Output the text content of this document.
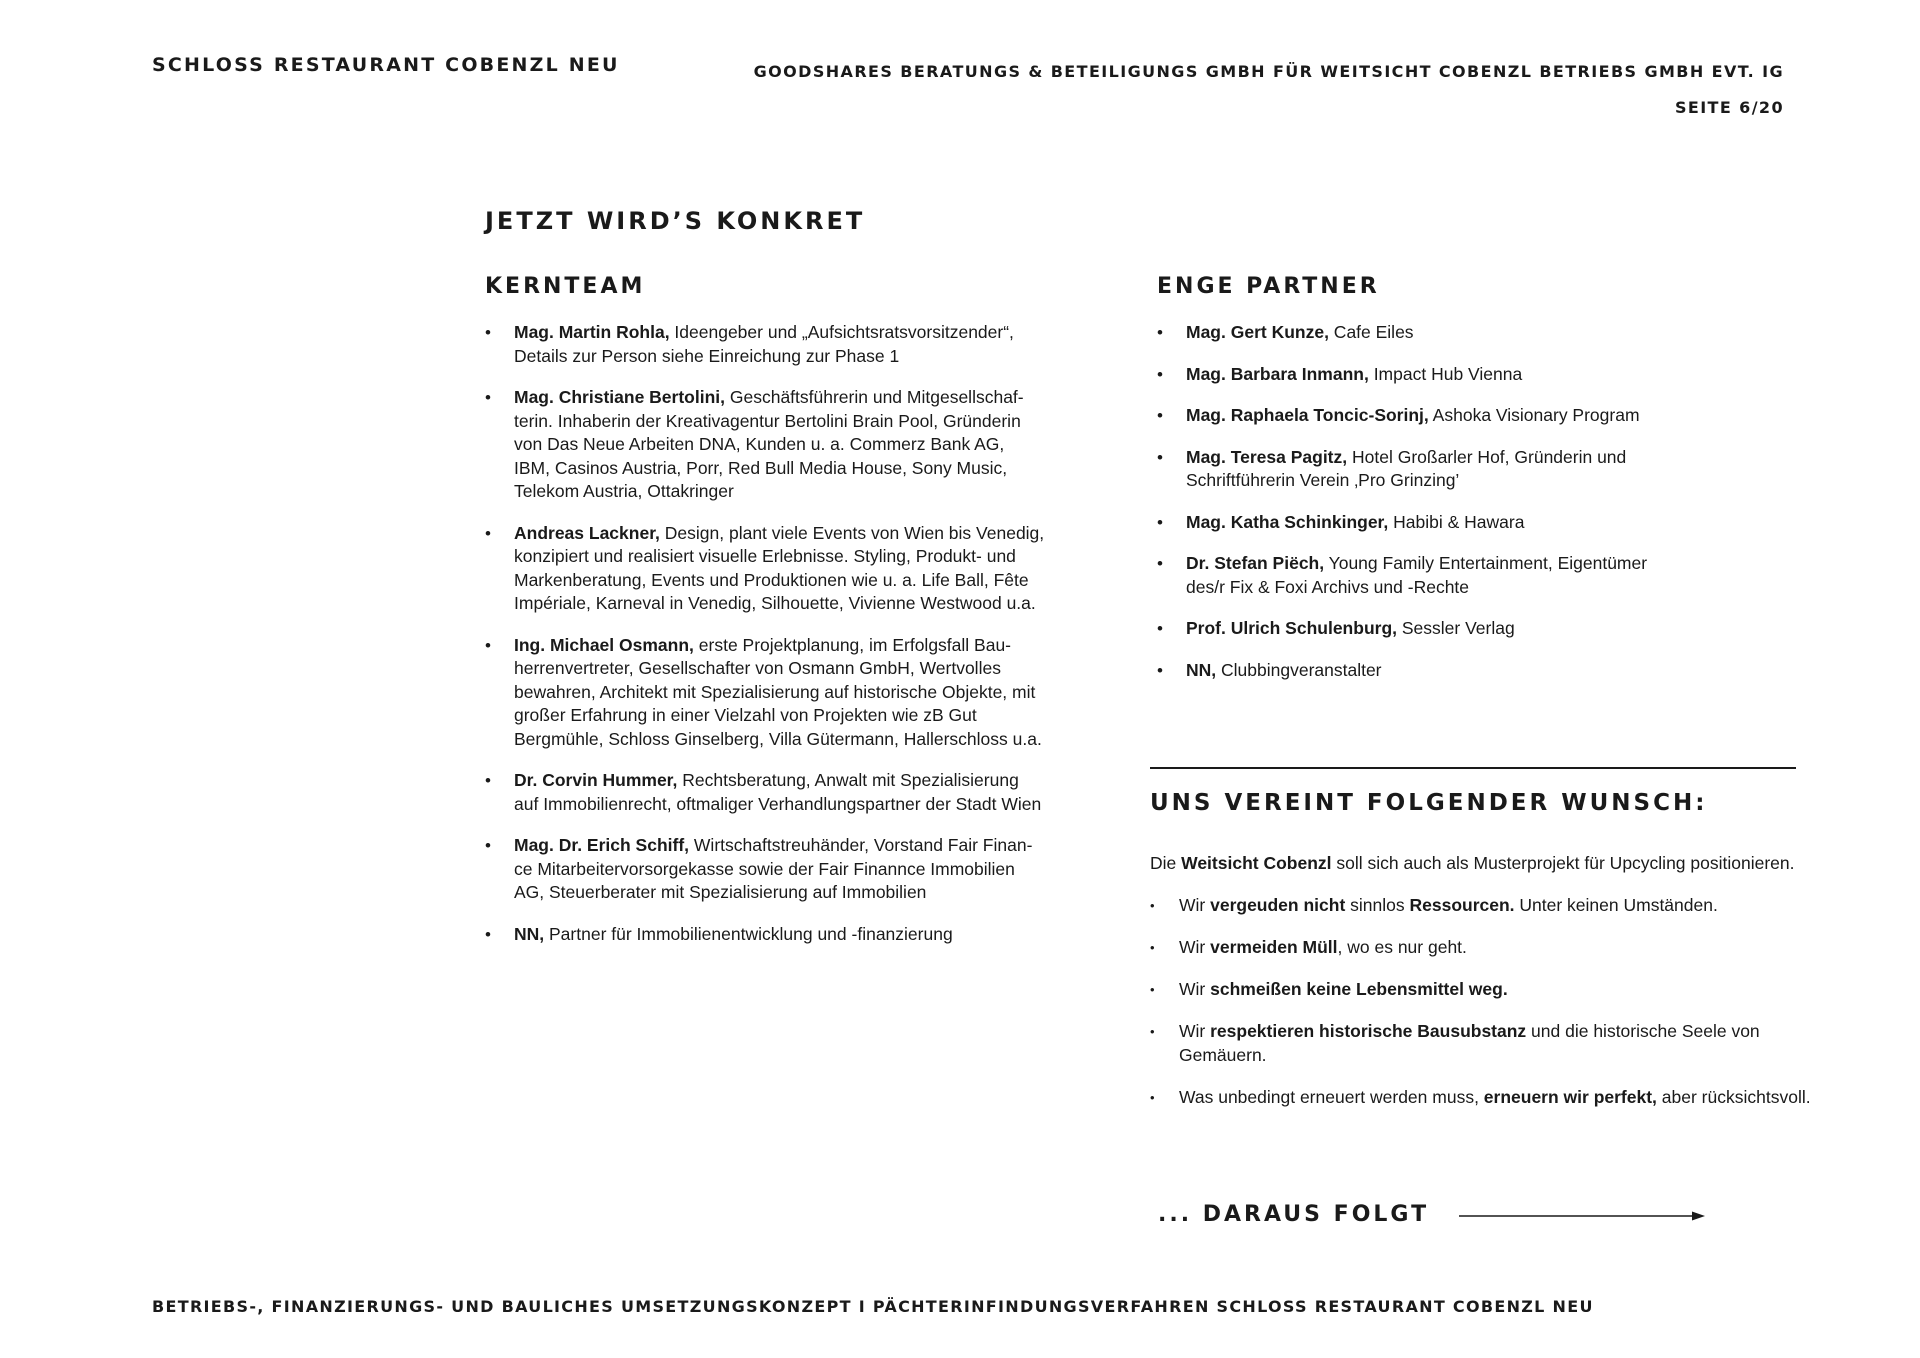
SCHLOSS RESTAURANT COBENZL NEU	GOODSHARES BERATUNGS & BETEILIGUNGS GMBH FÜR WEITSICHT COBENZL BETRIEBS GMBH EVT. IG
SEITE 6/20
JETZT WIRD’S KONKRET
KERNTEAM
• Mag. Martin Rohla, Ideengeber und „Aufsichtsratsvorsitzender“, Details zur Person siehe Einreichung zur Phase 1
• Mag. Christiane Bertolini, Geschäftsführerin und Mitgesellschaf-terin. Inhaberin der Kreativagentur Bertolini Brain Pool, Gründerin von Das Neue Arbeiten DNA, Kunden u. a. Commerz Bank AG, IBM, Casinos Austria, Porr, Red Bull Media House, Sony Music, Telekom Austria, Ottakringer
• Andreas Lackner, Design, plant viele Events von Wien bis Venedig, konzipiert und realisiert visuelle Erlebnisse. Styling, Produkt- und Markenberatung, Events und Produktionen wie u. a. Life Ball, Fête Impériale, Karneval in Venedig, Silhouette, Vivienne Westwood u.a.
• Ing. Michael Osmann, erste Projektplanung, im Erfolgsfall Bau-herrenvertreter, Gesellschafter von Osmann GmbH, Wertvolles bewahren, Architekt mit Spezialisierung auf historische Objekte, mit großer Erfahrung in einer Vielzahl von Projekten wie zB Gut Bergmühle, Schloss Ginselberg, Villa Gütermann, Hallerschloss u.a.
• Dr. Corvin Hummer, Rechtsberatung, Anwalt mit Spezialisierung auf Immobilienrecht, oftmaliger Verhandlungspartner der Stadt Wien
• Mag. Dr. Erich Schiff, Wirtschaftstreuhänder, Vorstand Fair Finan-ce Mitarbeitervorsorgekasse sowie der Fair Finannce Immobilien AG, Steuerberater mit Spezialisierung auf Immobilien
• NN, Partner für Immobilienentwicklung und -finanzierung
ENGE PARTNER
• Mag. Gert Kunze, Cafe Eiles
• Mag. Barbara Inmann, Impact Hub Vienna
• Mag. Raphaela Toncic-Sorinj, Ashoka Visionary Program
• Mag. Teresa Pagitz, Hotel Großarler Hof, Gründerin und Schriftführerin Verein ‚Pro Grinzing’
• Mag. Katha Schinkinger, Habibi & Hawara
• Dr. Stefan Piëch, Young Family Entertainment, Eigentümer des/r Fix & Foxi Archivs und -Rechte
• Prof. Ulrich Schulenburg, Sessler Verlag
• NN, Clubbingveranstalter
UNS VEREINT FOLGENDER WUNSCH:
Die Weitsicht Cobenzl soll sich auch als Musterprojekt für Upcycling positionieren.
• Wir vergeuden nicht sinnlos Ressourcen. Unter keinen Umständen.
• Wir vermeiden Müll, wo es nur geht.
• Wir schmeißen keine Lebensmittel weg.
• Wir respektieren historische Bausubstanz und die historische Seele von Gemäuern.
• Was unbedingt erneuert werden muss, erneuern wir perfekt, aber rücksichtsvoll.
... DARAUS FOLGT
BETRIEBS-, FINANZIERUNGS- UND BAULICHES UMSETZUNGSKONZEPT I PÄCHTERINFINDUNGSVERFAHREN SCHLOSS RESTAURANT COBENZL NEU
